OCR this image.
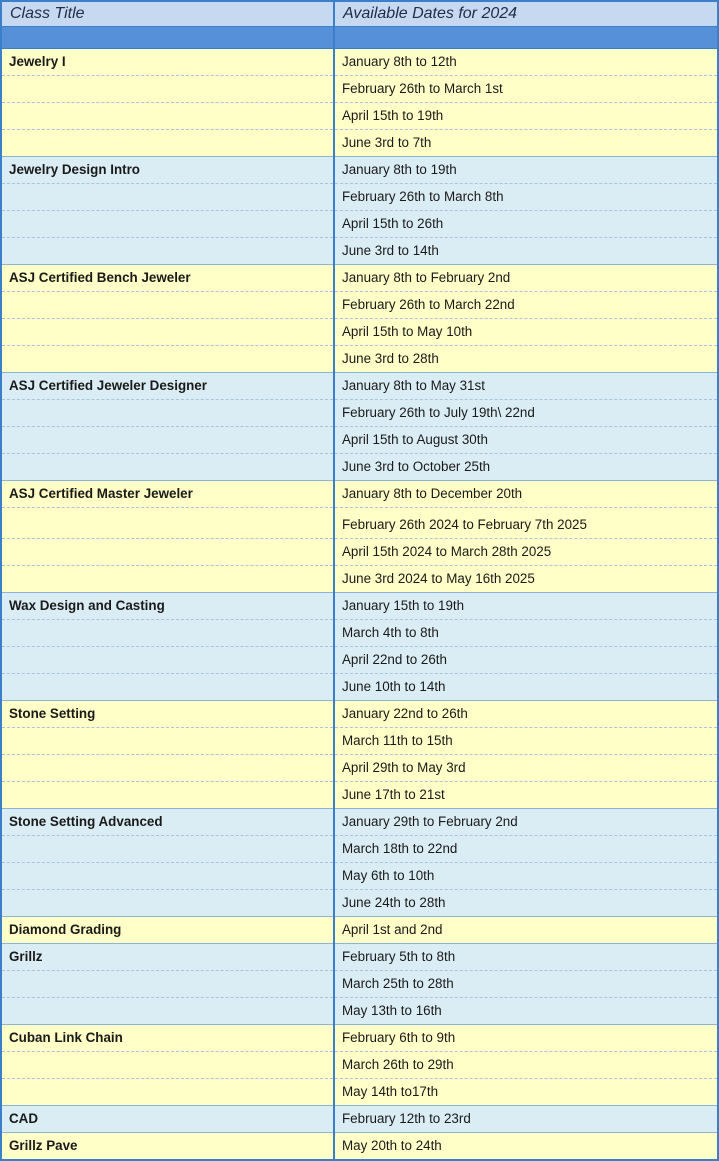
Class Title	Available Dates for 2024

Jewelry I	January 8th to 12th
	February 26th to March 1st
	April 15th to 19th
	June 3rd to 7th
Jewelry Design Intro	January 8th to 19th
	February 26th to March 8th
	April 15th to 26th
	June 3rd to 14th
ASJ Certified Bench Jeweler	January 8th to February 2nd
	February 26th to March 22nd
	April 15th to May 10th
	June 3rd to 28th
ASJ Certified Jeweler Designer	January 8th to May 31st
	February 26th to July 19th\ 22nd
	April 15th to August 30th
	June 3rd to October 25th
ASJ Certified Master Jeweler	January 8th to December 20th
	February 26th 2024 to February 7th 2025
	April 15th 2024 to March 28th 2025
	June 3rd 2024 to May 16th 2025
Wax Design and Casting	January 15th to 19th
	March 4th to 8th
	April 22nd to 26th
	June 10th to 14th
Stone Setting	January 22nd to 26th
	March 11th to 15th
	April 29th to May 3rd
	June 17th to 21st
Stone Setting Advanced	January 29th to February 2nd
	March 18th to 22nd
	May 6th to 10th
	June 24th to 28th
Diamond Grading	April 1st and 2nd
Grillz	February 5th to 8th
	March 25th to 28th
	May 13th to 16th
Cuban Link Chain	February 6th to 9th
	March 26th to 29th
	May 14th to17th
CAD	February 12th to 23rd
Grillz Pave	May 20th to 24th
